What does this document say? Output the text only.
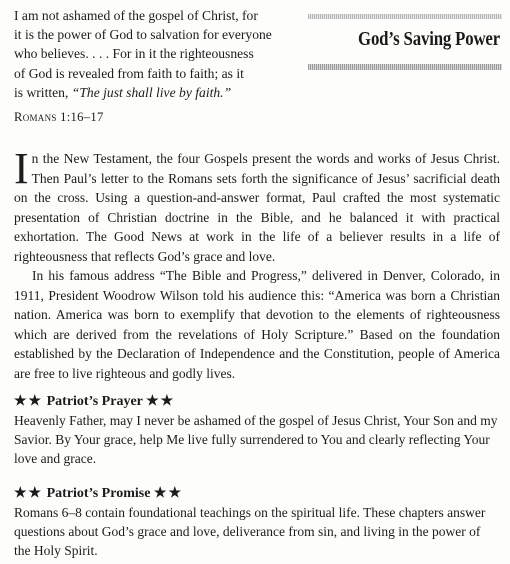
I am not ashamed of the gospel of Christ, for
it is the power of God to salvation for everyone
who believes. . . . For in it the righteousness
of God is revealed from faith to faith; as it
is written, “The just shall live by faith.”
Romans 1:16–17
God’s Saving Power

In the New Testament, the four Gospels present the words and works of Jesus Christ. Then Paul’s letter to the Romans sets forth the significance of Jesus’ sacrificial death on the cross. Using a question-and-answer format, Paul crafted the most systematic presentation of Christian doctrine in the Bible, and he balanced it with practical exhortation. The Good News at work in the life of a believer results in a life of righteousness that reflects God’s grace and love.

In his famous address “The Bible and Progress,” delivered in Denver, Colorado, in 1911, President Woodrow Wilson told his audience this: “America was born a Christian nation. America was born to exemplify that devotion to the elements of righteousness which are derived from the revelations of Holy Scripture.” Based on the foundation established by the Declaration of Independence and the Constitution, people of America are free to live righteous and godly lives.

★★ Patriot’s Prayer ★★
Heavenly Father, may I never be ashamed of the gospel of Jesus Christ, Your Son and my Savior. By Your grace, help Me live fully surrendered to You and clearly reflecting Your love and grace.
★★ Patriot’s Promise ★★
Romans 6–8 contain foundational teachings on the spiritual life. These chapters answer questions about God’s grace and love, deliverance from sin, and living in the power of the Holy Spirit.
